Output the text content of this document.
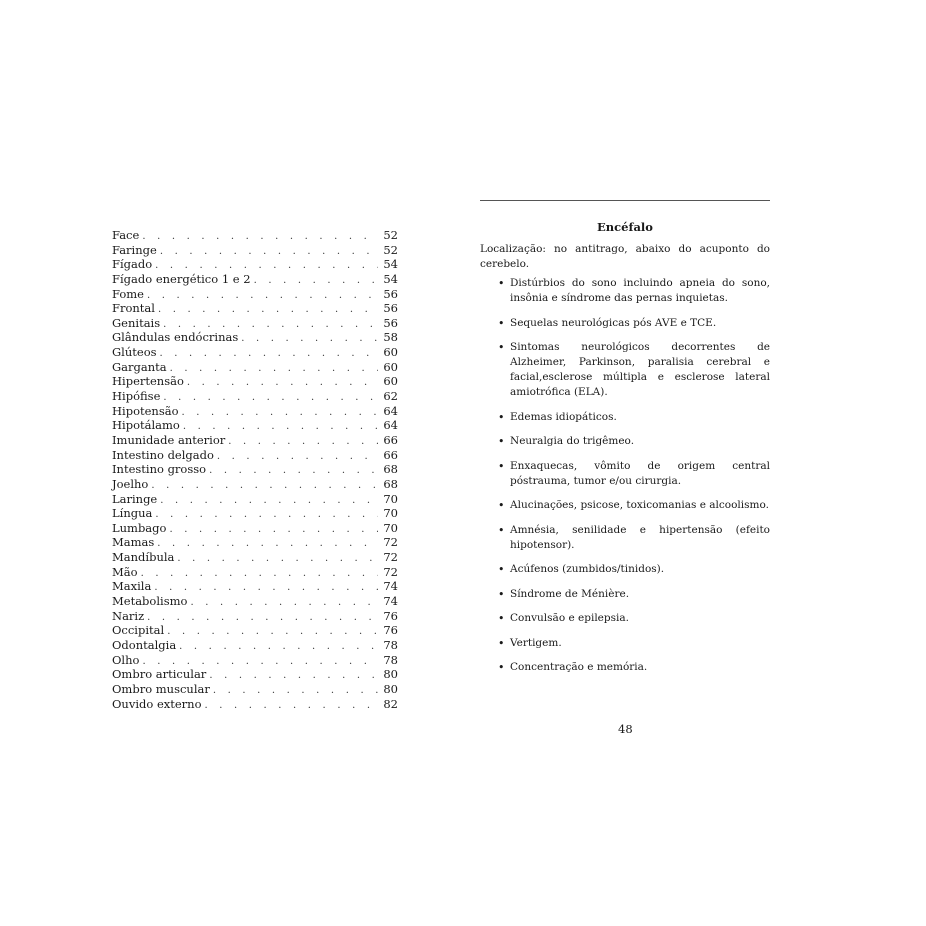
Face . . .	52
Faringe . . .	52
Fígado . . .	54
Fígado energético 1 e 2 . . .	54
Fome . . .	56
Frontal . . .	56
Genitais . . .	56
Glândulas endócrinas . . .	58
Glúteos . . .	60
Garganta . . .	60
Hipertensão . . .	60
Hipófise . . .	62
Hipotensão . . .	64
Hipotálamo . . .	64
Imunidade anterior . . .	66
Intestino delgado . . .	66
Intestino grosso . . .	68
Joelho . . .	68
Laringe . . .	70
Língua . . .	70
Lumbago . . .	70
Mamas . . .	72
Mandíbula . . .	72
Mão . . .	72
Maxila . . .	74
Metabolismo . . .	74
Nariz . . .	76
Occipital . . .	76
Odontalgia . . .	78
Olho . . .	78
Ombro articular . . .	80
Ombro muscular . . .	80
Ouvido externo . . .	82
Encéfalo

Localização: no antitrago, abaixo do acuponto do cerebelo.

• Distúrbios do sono incluindo apneia do sono, insônia e síndrome das pernas inquietas.
• Sequelas neurológicas pós AVE e TCE.
• Sintomas neurológicos decorrentes de Alzheimer, Parkinson, paralisia cerebral e facial,esclerose múltipla e esclerose lateral amiotrófica (ELA).
• Edemas idiopáticos.
• Neuralgia do trigêmeo.
• Enxaquecas, vômito de origem central póstrauma, tumor e/ou cirurgia.
• Alucinações, psicose, toxicomanias e alcoolismo.
• Amnésia, senilidade e hipertensão (efeito hipotensor).
• Acúfenos (zumbidos/tinidos).
• Síndrome de Ménière.
• Convulsão e epilepsia.
• Vertigem.
• Concentração e memória.
48
